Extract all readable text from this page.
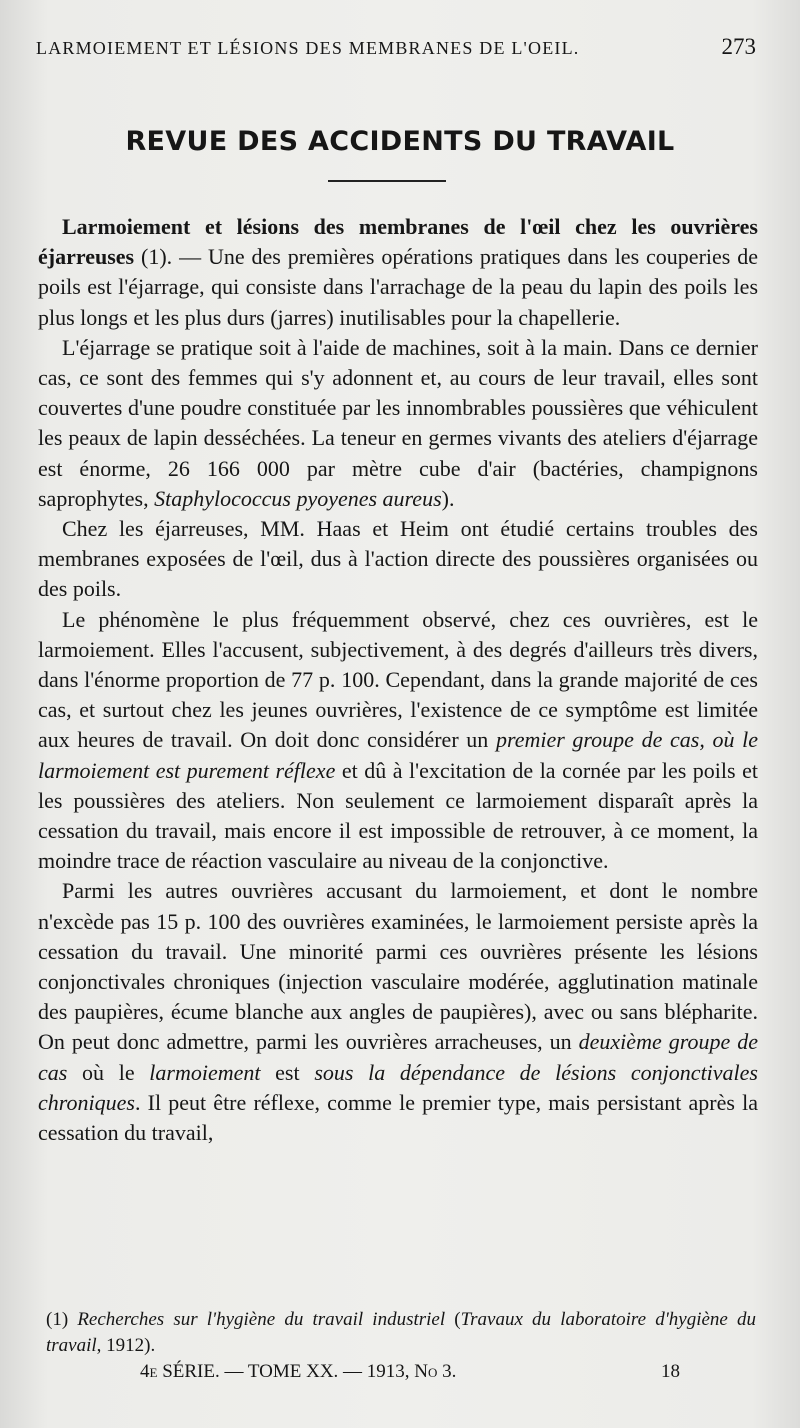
LARMOIEMENT ET LÉSIONS DES MEMBRANES DE L'OEIL.	273
REVUE DES ACCIDENTS DU TRAVAIL

Larmoiement et lésions des membranes de l'œil chez les ouvrières éjarreuses (1). — Une des premières opérations pratiques dans les couperies de poils est l'éjarrage, qui consiste dans l'arrachage de la peau du lapin des poils les plus longs et les plus durs (jarres) inutilisables pour la chapellerie.

L'éjarrage se pratique soit à l'aide de machines, soit à la main. Dans ce dernier cas, ce sont des femmes qui s'y adonnent et, au cours de leur travail, elles sont couvertes d'une poudre constituée par les innombrables poussières que véhiculent les peaux de lapin desséchées. La teneur en germes vivants des ateliers d'éjarrage est énorme, 26 166 000 par mètre cube d'air (bactéries, champignons saprophytes, Staphylococcus pyoyenes aureus).

Chez les éjarreuses, MM. Haas et Heim ont étudié certains troubles des membranes exposées de l'œil, dus à l'action directe des poussières organisées ou des poils.

Le phénomène le plus fréquemment observé, chez ces ouvrières, est le larmoiement. Elles l'accusent, subjectivement, à des degrés d'ailleurs très divers, dans l'énorme proportion de 77 p. 100. Cependant, dans la grande majorité de ces cas, et surtout chez les jeunes ouvrières, l'existence de ce symptôme est limitée aux heures de travail. On doit donc considérer un premier groupe de cas, où le larmoiement est purement réflexe et dû à l'excitation de la cornée par les poils et les poussières des ateliers. Non seulement ce larmoiement disparaît après la cessation du travail, mais encore il est impossible de retrouver, à ce moment, la moindre trace de réaction vasculaire au niveau de la conjonctive.

Parmi les autres ouvrières accusant du larmoiement, et dont le nombre n'excède pas 15 p. 100 des ouvrières examinées, le larmoiement persiste après la cessation du travail. Une minorité parmi ces ouvrières présente les lésions conjonctivales chroniques (injection vasculaire modérée, agglutination matinale des paupières, écume blanche aux angles de paupières), avec ou sans blépharite. On peut donc admettre, parmi les ouvrières arracheuses, un deuxième groupe de cas où le larmoiement est sous la dépendance de lésions conjonctivales chroniques. Il peut être réflexe, comme le premier type, mais persistant après la cessation du travail,

(1) Recherches sur l'hygiène du travail industriel (Travaux du laboratoire d'hygiène du travail, 1912).
4e SÉRIE. — TOME XX. — 1913, No 3.	18
